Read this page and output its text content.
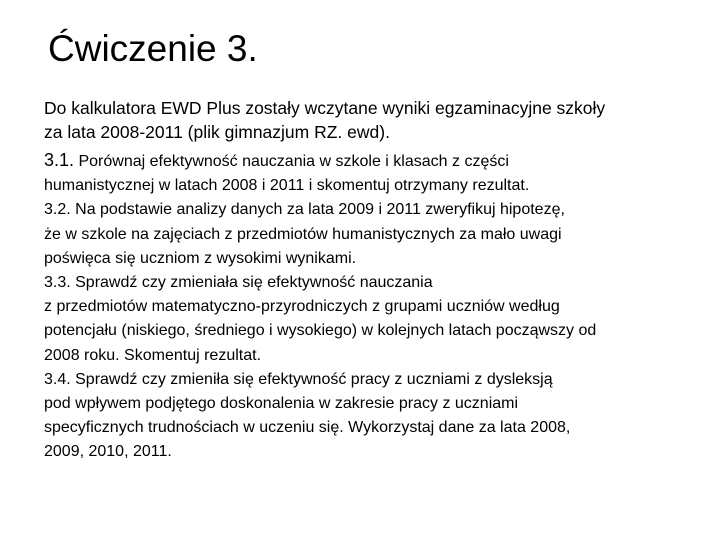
Ćwiczenie 3.
Do kalkulatora EWD Plus zostały wczytane wyniki egzaminacyjne szkoły
za lata 2008-2011 (plik gimnazjum RZ. ewd).
3.1. Porównaj efektywność nauczania w szkole i klasach z części
humanistycznej w latach 2008 i 2011 i skomentuj otrzymany rezultat.
3.2. Na podstawie analizy danych za lata 2009 i 2011 zweryfikuj hipotezę,
że w szkole na zajęciach z przedmiotów humanistycznych za mało uwagi
poświęca się uczniom z wysokimi wynikami.
3.3. Sprawdź czy zmieniała się efektywność nauczania
z przedmiotów matematyczno-przyrodniczych z grupami uczniów według
potencjału (niskiego, średniego i wysokiego) w kolejnych latach począwszy od
2008 roku. Skomentuj rezultat.
3.4. Sprawdź czy zmieniła się efektywność pracy z uczniami z dysleksją
pod wpływem podjętego doskonalenia w zakresie pracy z uczniami
specyficznych trudnościach w uczeniu się. Wykorzystaj dane za lata 2008,
2009, 2010, 2011.
